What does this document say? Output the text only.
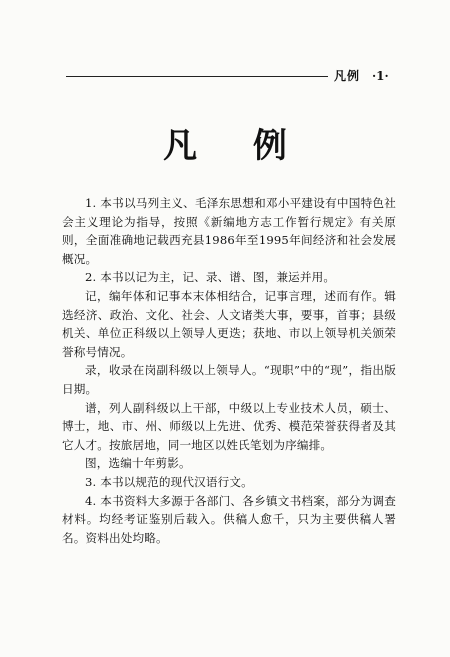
凡例 ·1·
凡 例

1. 本书以马列主义、毛泽东思想和邓小平建设有中国特色社会主义理论为指导，按照《新编地方志工作暂行规定》有关原则，全面准确地记载西充县1986年至1995年间经济和社会发展概况。

2. 本书以记为主，记、录、谱、图，兼运并用。

记，编年体和记事本末体相结合，记事言理，述而有作。辑选经济、政治、文化、社会、人文诸类大事，要事，首事；县级机关、单位正科级以上领导人更迭；获地、市以上领导机关颁荣誉称号情况。

录，收录在岗副科级以上领导人。“现职”中的“现”，指出版日期。

谱，列人副科级以上干部，中级以上专业技术人员，硕士、博士，地、市、州、师级以上先进、优秀、模范荣誉获得者及其它人才。按旅居地，同一地区以姓氏笔划为序编排。

图，选编十年剪影。

3. 本书以规范的现代汉语行文。

4. 本书资料大多源于各部门、各乡镇文书档案，部分为调查材料。均经考证鉴别后载入。供稿人愈千，只为主要供稿人署名。资料出处均略。
